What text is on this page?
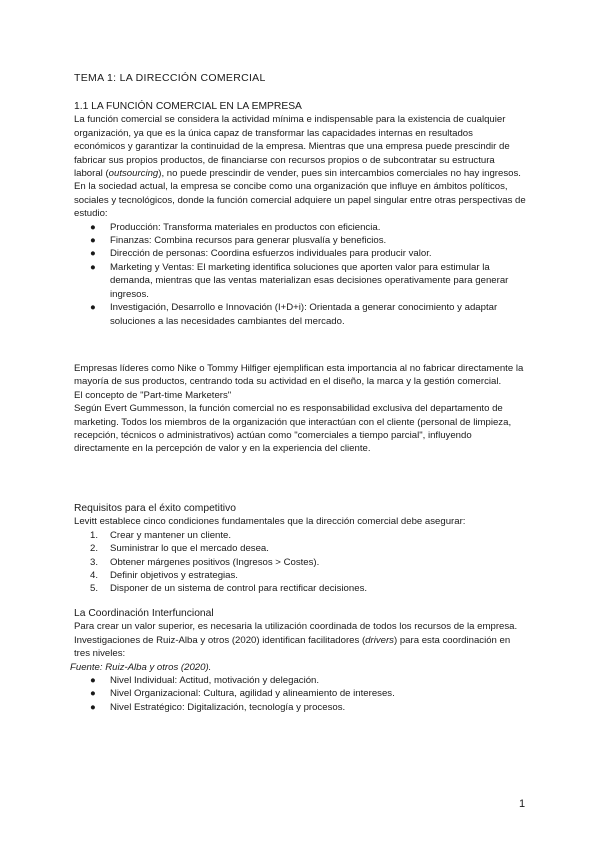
TEMA 1: LA DIRECCIÓN COMERCIAL

1.1 LA FUNCIÓN COMERCIAL EN LA EMPRESA

La función comercial se considera la actividad mínima e indispensable para la existencia de cualquier organización, ya que es la única capaz de transformar las capacidades internas en resultados económicos y garantizar la continuidad de la empresa. Mientras que una empresa puede prescindir de fabricar sus propios productos, de financiarse con recursos propios o de subcontratar su estructura laboral (outsourcing), no puede prescindir de vender, pues sin intercambios comerciales no hay ingresos.

En la sociedad actual, la empresa se concibe como una organización que influye en ámbitos políticos, sociales y tecnológicos, donde la función comercial adquiere un papel singular entre otras perspectivas de estudio:

● Producción: Transforma materiales en productos con eficiencia.
● Finanzas: Combina recursos para generar plusvalía y beneficios.
● Dirección de personas: Coordina esfuerzos individuales para producir valor.
● Marketing y Ventas: El marketing identifica soluciones que aporten valor para estimular la demanda, mientras que las ventas materializan esas decisiones operativamente para generar ingresos.
● Investigación, Desarrollo e Innovación (I+D+i): Orientada a generar conocimiento y adaptar soluciones a las necesidades cambiantes del mercado.

Empresas líderes como Nike o Tommy Hilfiger ejemplifican esta importancia al no fabricar directamente la mayoría de sus productos, centrando toda su actividad en el diseño, la marca y la gestión comercial.

El concepto de "Part-time Marketers"

Según Evert Gummesson, la función comercial no es responsabilidad exclusiva del departamento de marketing. Todos los miembros de la organización que interactúan con el cliente (personal de limpieza, recepción, técnicos o administrativos) actúan como "comerciales a tiempo parcial", influyendo directamente en la percepción de valor y en la experiencia del cliente.

Requisitos para el éxito competitivo

Levitt establece cinco condiciones fundamentales que la dirección comercial debe asegurar:

1. Crear y mantener un cliente.
2. Suministrar lo que el mercado desea.
3. Obtener márgenes positivos (Ingresos > Costes).
4. Definir objetivos y estrategias.
5. Disponer de un sistema de control para rectificar decisiones.

La Coordinación Interfuncional

Para crear un valor superior, es necesaria la utilización coordinada de todos los recursos de la empresa. Investigaciones de Ruiz-Alba y otros (2020) identifican facilitadores (drivers) para esta coordinación en tres niveles:

Fuente: Ruiz-Alba y otros (2020).

● Nivel Individual: Actitud, motivación y delegación.
● Nivel Organizacional: Cultura, agilidad y alineamiento de intereses.
● Nivel Estratégico: Digitalización, tecnología y procesos.
1
